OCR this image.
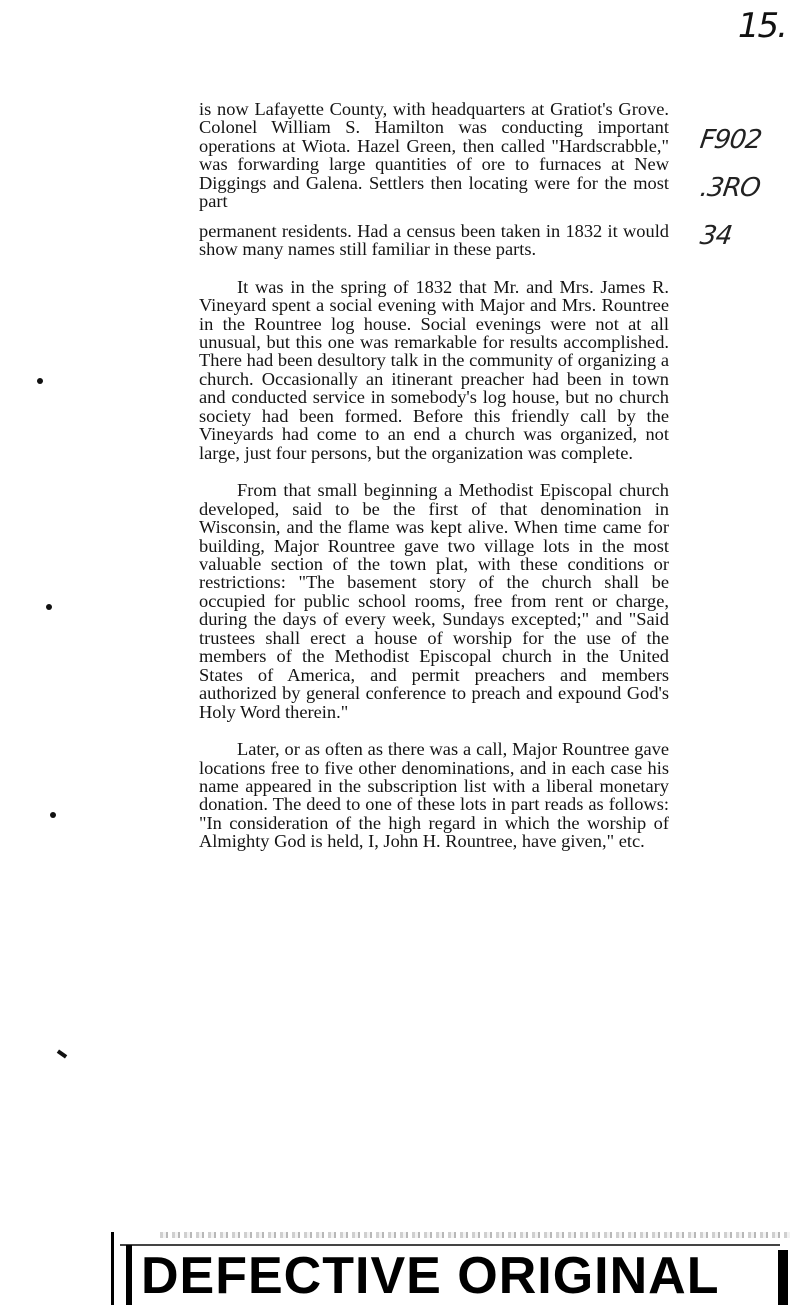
15.
F902
.3RO
34

is now Lafayette County, with headquarters at Gratiot's Grove. Colonel William S. Hamilton was conducting important operations at Wiota. Hazel Green, then called "Hardscrabble," was forwarding large quantities of ore to furnaces at New Diggings and Galena. Settlers then locating were for the most part

permanent residents. Had a census been taken in 1832 it would show many names still familiar in these parts.

It was in the spring of 1832 that Mr. and Mrs. James R. Vineyard spent a social evening with Major and Mrs. Rountree in the Rountree log house. Social evenings were not at all unusual, but this one was remarkable for results accomplished. There had been desultory talk in the community of organizing a church. Occasionally an itinerant preacher had been in town and conducted service in somebody's log house, but no church society had been formed. Before this friendly call by the Vineyards had come to an end a church was organized, not large, just four persons, but the organization was complete.

From that small beginning a Methodist Episcopal church developed, said to be the first of that denomination in Wisconsin, and the flame was kept alive. When time came for building, Major Rountree gave two village lots in the most valuable section of the town plat, with these conditions or restrictions: "The basement story of the church shall be occupied for public school rooms, free from rent or charge, during the days of every week, Sundays excepted;" and "Said trustees shall erect a house of worship for the use of the members of the Methodist Episcopal church in the United States of America, and permit preachers and members authorized by general conference to preach and expound God's Holy Word therein."

Later, or as often as there was a call, Major Rountree gave locations free to five other denominations, and in each case his name appeared in the subscription list with a liberal monetary donation. The deed to one of these lots in part reads as follows: "In consideration of the high regard in which the worship of Almighty God is held, I, John H. Rountree, have given," etc.

DEFECTIVE ORIGINAL
